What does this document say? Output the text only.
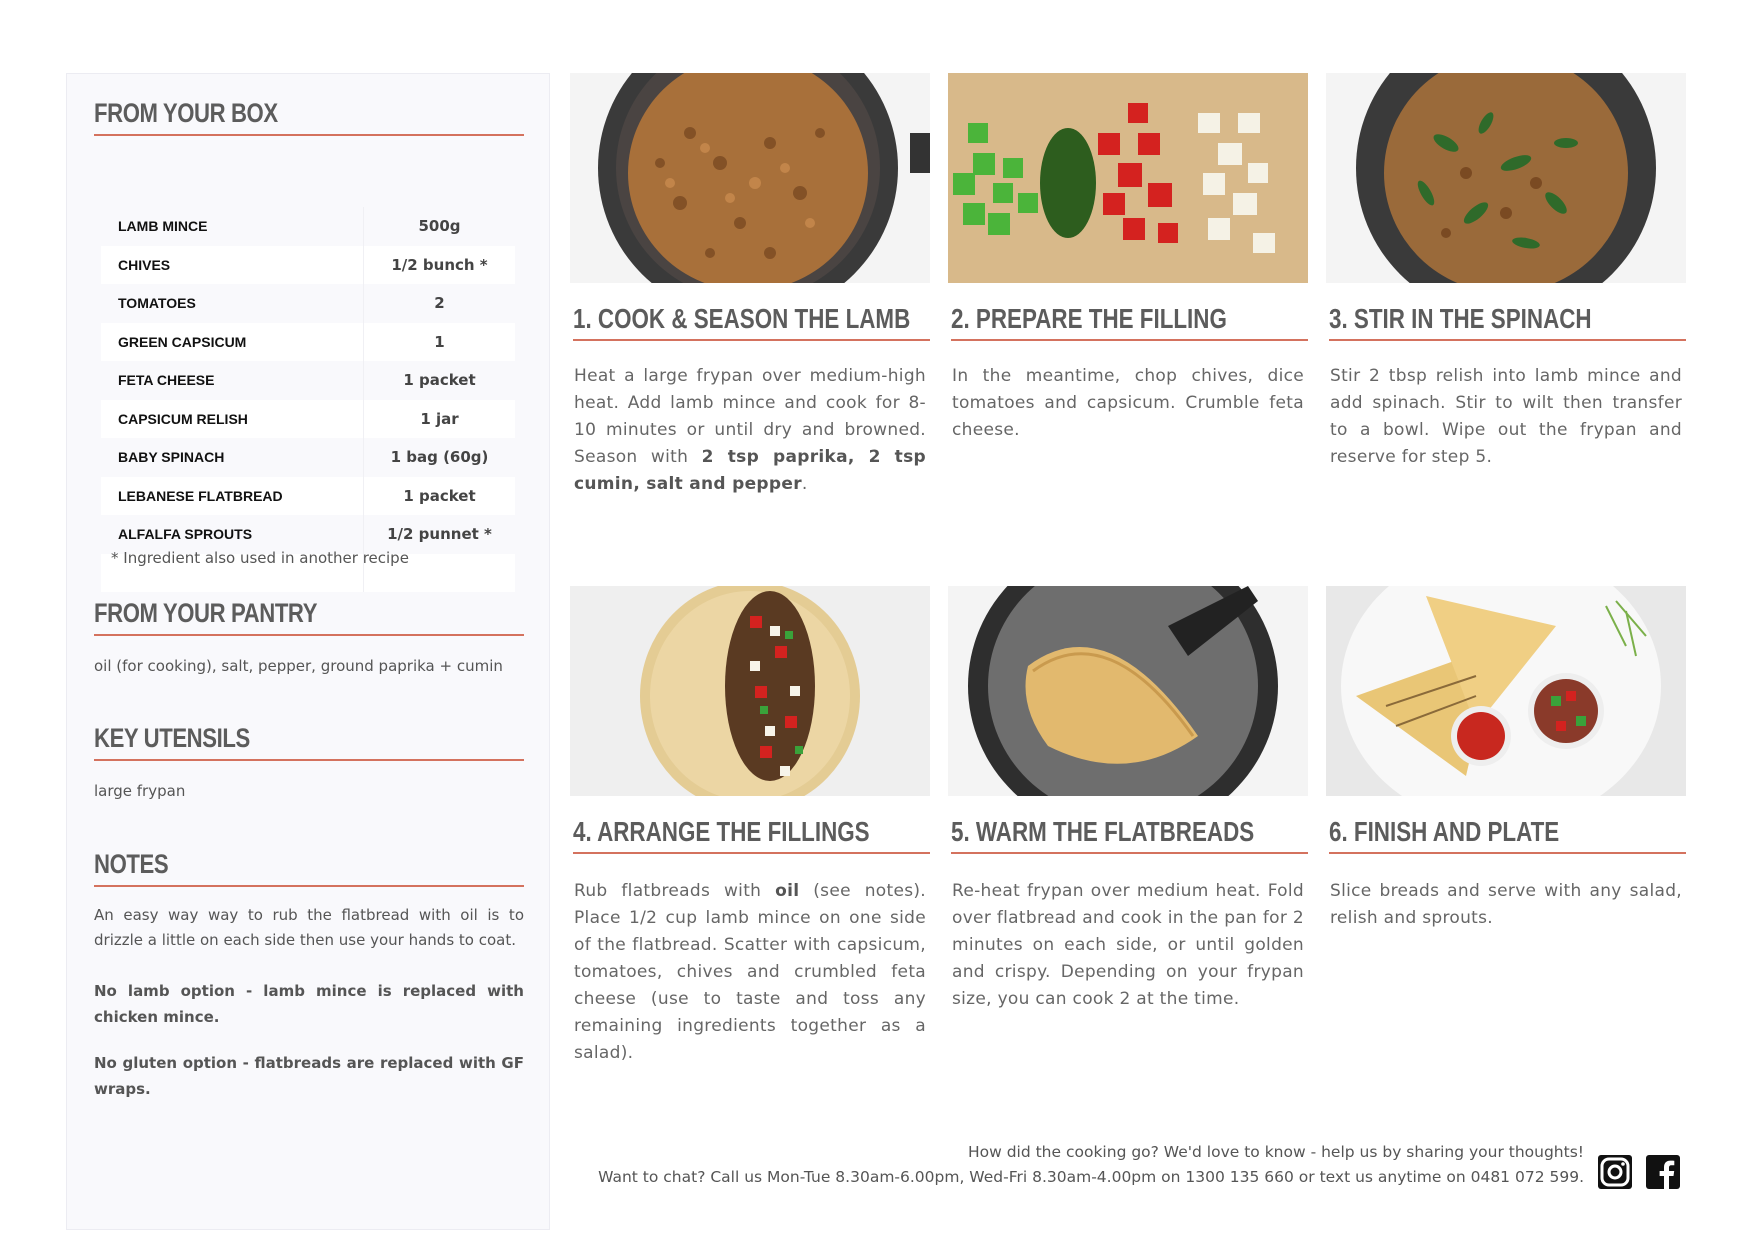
FROM YOUR BOX
LAMB MINCE	500g
CHIVES	1/2 bunch *
TOMATOES	2
GREEN CAPSICUM	1
FETA CHEESE	1 packet
CAPSICUM RELISH	1 jar
BABY SPINACH	1 bag (60g)
LEBANESE FLATBREAD	1 packet
ALFALFA SPROUTS	1/2 punnet *
* Ingredient also used in another recipe
FROM YOUR PANTRY
oil (for cooking), salt, pepper, ground paprika + cumin
KEY UTENSILS
large frypan
NOTES
An easy way way to rub the flatbread with oil is to drizzle a little on each side then use your hands to coat.
No lamb option - lamb mince is replaced with chicken mince.
No gluten option - flatbreads are replaced with GF wraps.
1. COOK & SEASON THE LAMB
Heat a large frypan over medium-high heat. Add lamb mince and cook for 8-10 minutes or until dry and browned. Season with 2 tsp paprika, 2 tsp cumin, salt and pepper.
2. PREPARE THE FILLING
In the meantime, chop chives, dice tomatoes and capsicum. Crumble feta cheese.
3. STIR IN THE SPINACH
Stir 2 tbsp relish into lamb mince and add spinach. Stir to wilt then transfer to a bowl. Wipe out the frypan and reserve for step 5.
4. ARRANGE THE FILLINGS
Rub flatbreads with oil (see notes). Place 1/2 cup lamb mince on one side of the flatbread. Scatter with capsicum, tomatoes, chives and crumbled feta cheese (use to taste and toss any remaining ingredients together as a salad).
5. WARM THE FLATBREADS
Re-heat frypan over medium heat. Fold over flatbread and cook in the pan for 2 minutes on each side, or until golden and crispy. Depending on your frypan size, you can cook 2 at the time.
6. FINISH AND PLATE
Slice breads and serve with any salad, relish and sprouts.
How did the cooking go? We'd love to know - help us by sharing your thoughts!
Want to chat? Call us Mon-Tue 8.30am-6.00pm, Wed-Fri 8.30am-4.00pm on 1300 135 660 or text us anytime on 0481 072 599.
